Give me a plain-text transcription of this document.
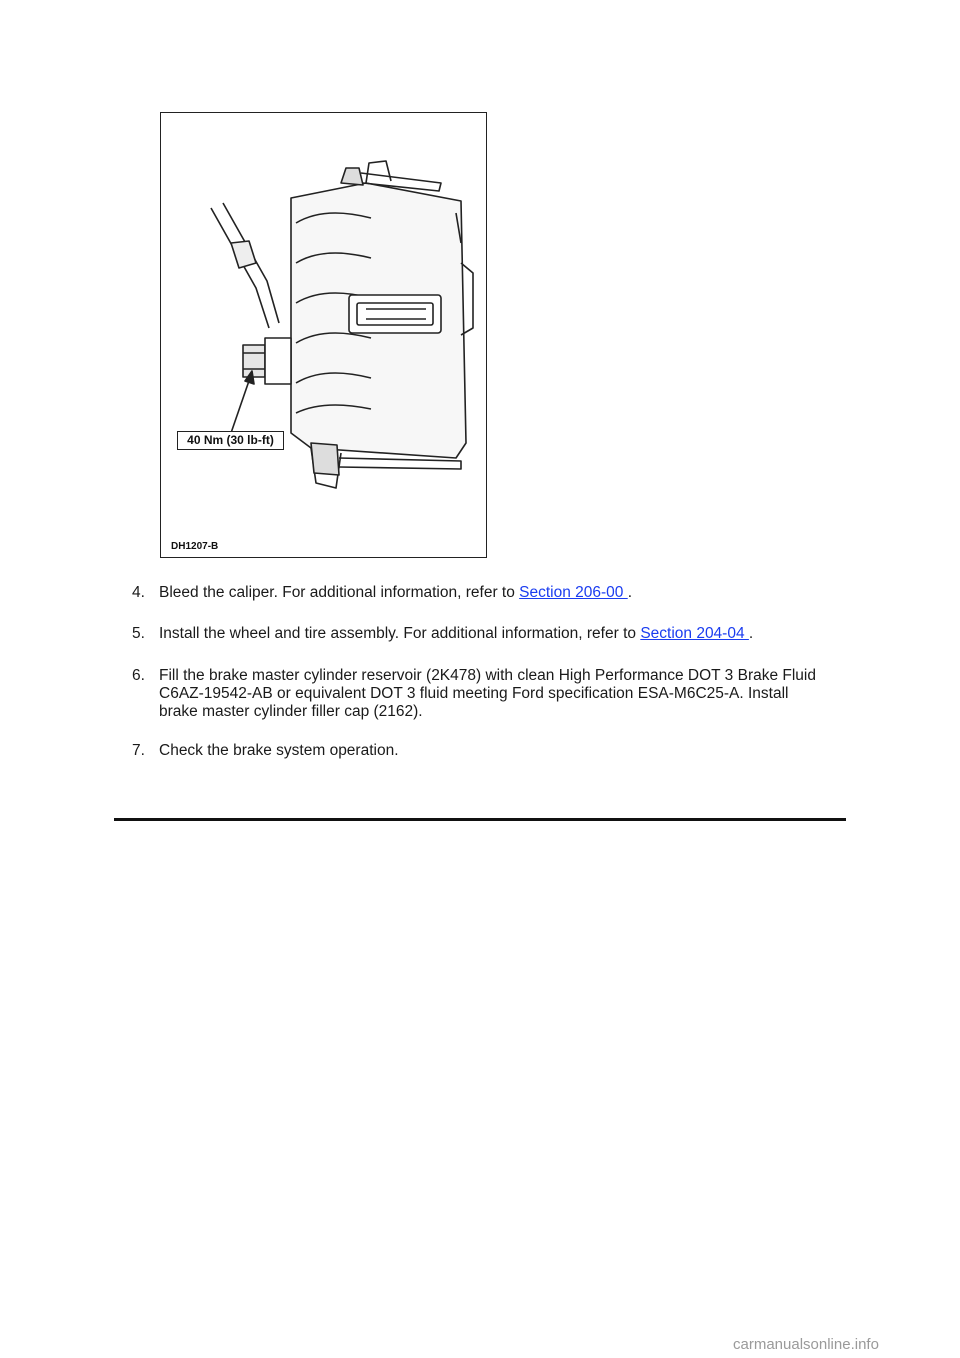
40 Nm (30 lb-ft)
DH1207-B
4. Bleed the caliper. For additional information, refer to Section 206-00 .
5. Install the wheel and tire assembly. For additional information, refer to Section 204-04 .
6. Fill the brake master cylinder reservoir (2K478) with clean High Performance DOT 3 Brake Fluid
C6AZ-19542-AB or equivalent DOT 3 fluid meeting Ford specification ESA-M6C25-A. Install
brake master cylinder filler cap (2162).
7. Check the brake system operation.
carmanualsonline.info
